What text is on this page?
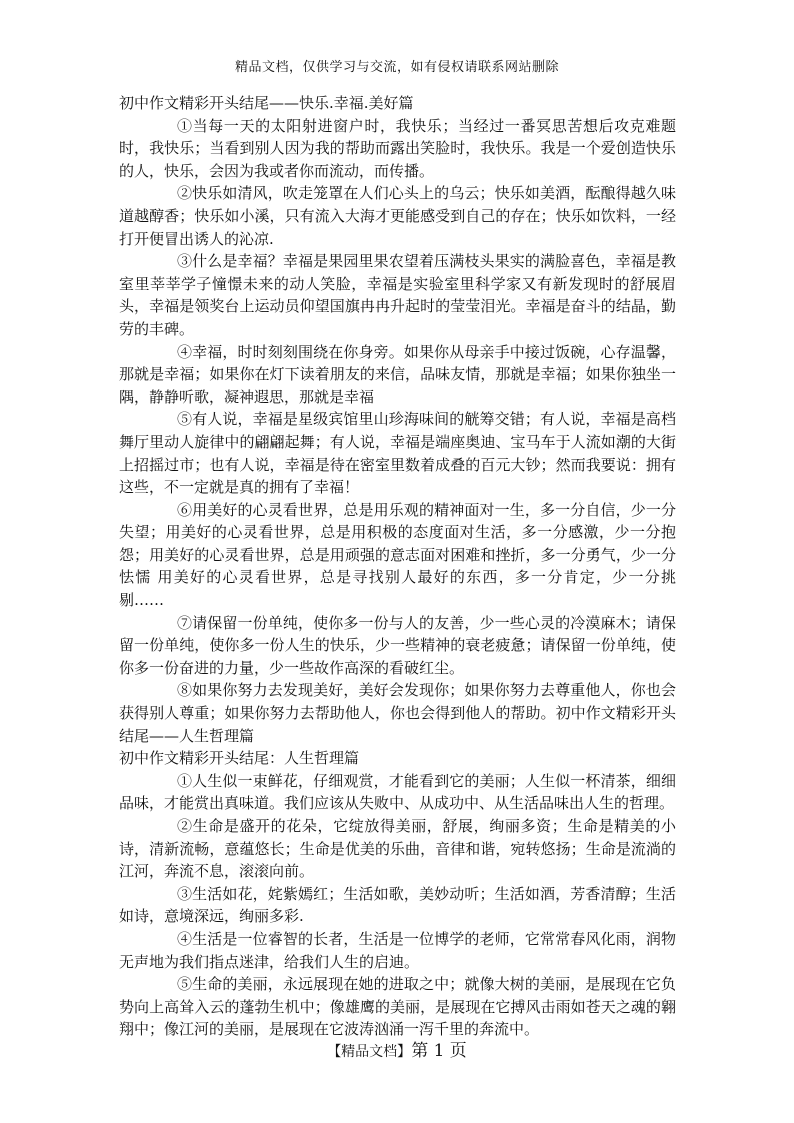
精品文档，仅供学习与交流，如有侵权请联系网站删除

初中作文精彩开头结尾——快乐.幸福.美好篇

①当每一天的太阳射进窗户时，我快乐；当经过一番冥思苦想后攻克难题时，我快乐；当看到别人因为我的帮助而露出笑脸时，我快乐。我是一个爱创造快乐的人，快乐，会因为我或者你而流动，而传播。

②快乐如清风，吹走笼罩在人们心头上的乌云；快乐如美酒，酝酿得越久味道越醇香；快乐如小溪，只有流入大海才更能感受到自己的存在；快乐如饮料，一经打开便冒出诱人的沁凉.

③什么是幸福？幸福是果园里果农望着压满枝头果实的满脸喜色，幸福是教室里莘莘学子憧憬未来的动人笑脸，幸福是实验室里科学家又有新发现时的舒展眉头，幸福是领奖台上运动员仰望国旗冉冉升起时的莹莹泪光。幸福是奋斗的结晶，勤劳的丰碑。

④幸福，时时刻刻围绕在你身旁。如果你从母亲手中接过饭碗，心存温馨，那就是幸福；如果你在灯下读着朋友的来信，品味友情，那就是幸福；如果你独坐一隅，静静听歌，凝神遐思，那就是幸福

⑤有人说，幸福是星级宾馆里山珍海味间的觥筹交错；有人说，幸福是高档舞厅里动人旋律中的翩翩起舞；有人说，幸福是端座奥迪、宝马车于人流如潮的大街上招摇过市；也有人说，幸福是待在密室里数着成叠的百元大钞；然而我要说：拥有这些，不一定就是真的拥有了幸福！

⑥用美好的心灵看世界，总是用乐观的精神面对一生，多一分自信，少一分失望；用美好的心灵看世界，总是用积极的态度面对生活，多一分感激，少一分抱怨；用美好的心灵看世界，总是用顽强的意志面对困难和挫折，多一分勇气，少一分怯懦 用美好的心灵看世界，总是寻找别人最好的东西，多一分肯定，少一分挑剔……

⑦请保留一份单纯，使你多一份与人的友善，少一些心灵的冷漠麻木；请保留一份单纯，使你多一份人生的快乐，少一些精神的衰老疲惫；请保留一份单纯，使你多一份奋进的力量，少一些故作高深的看破红尘。

⑧如果你努力去发现美好，美好会发现你；如果你努力去尊重他人，你也会获得别人尊重；如果你努力去帮助他人，你也会得到他人的帮助。初中作文精彩开头结尾——人生哲理篇

初中作文精彩开头结尾：人生哲理篇

①人生似一束鲜花，仔细观赏，才能看到它的美丽；人生似一杯清茶，细细品味，才能赏出真味道。我们应该从失败中、从成功中、从生活品味出人生的哲理。

②生命是盛开的花朵，它绽放得美丽，舒展，绚丽多资；生命是精美的小诗，清新流畅，意蕴悠长；生命是优美的乐曲，音律和谐，宛转悠扬；生命是流淌的江河，奔流不息，滚滚向前。

③生活如花，姹紫嫣红；生活如歌，美妙动听；生活如酒，芳香清醇；生活如诗，意境深远，绚丽多彩.

④生活是一位睿智的长者，生活是一位博学的老师，它常常春风化雨，润物无声地为我们指点迷津，给我们人生的启迪。

⑤生命的美丽，永远展现在她的进取之中；就像大树的美丽，是展现在它负势向上高耸入云的蓬勃生机中；像雄鹰的美丽，是展现在它搏风击雨如苍天之魂的翱翔中；像江河的美丽，是展现在它波涛汹涌一泻千里的奔流中。

【精品文档】第 1 页
